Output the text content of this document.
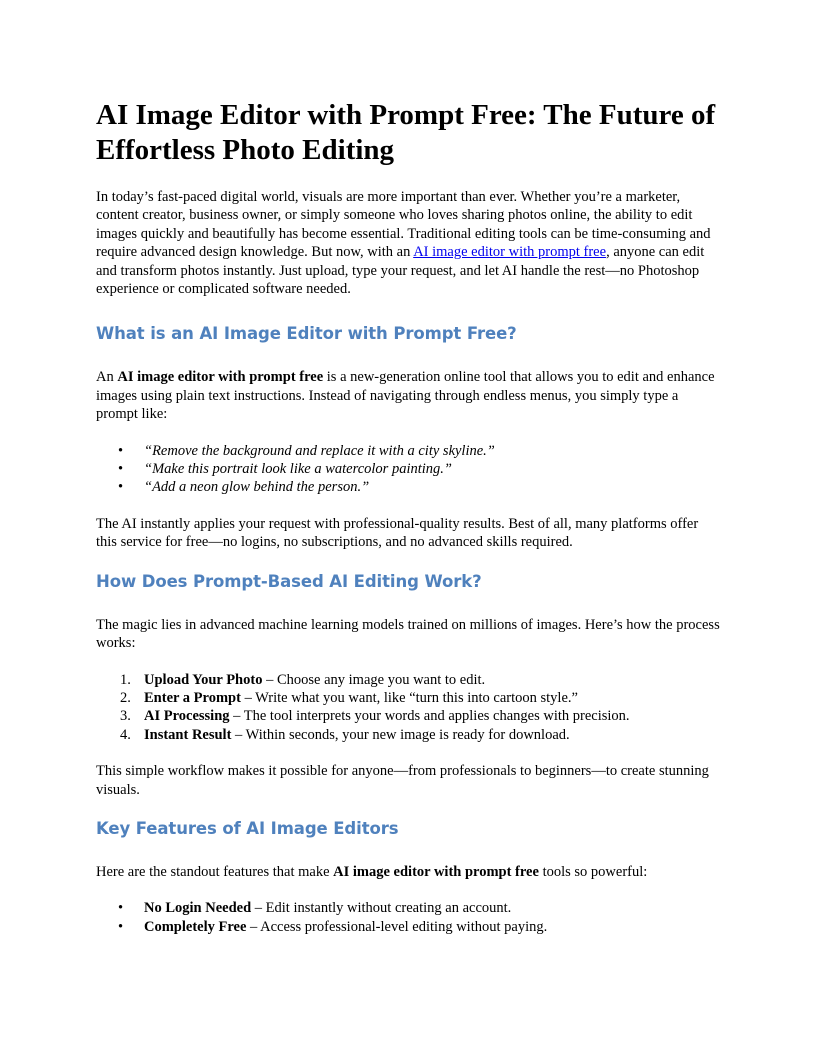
AI Image Editor with Prompt Free: The Future of Effortless Photo Editing

In today’s fast-paced digital world, visuals are more important than ever. Whether you’re a marketer, content creator, business owner, or simply someone who loves sharing photos online, the ability to edit images quickly and beautifully has become essential. Traditional editing tools can be time-consuming and require advanced design knowledge. But now, with an AI image editor with prompt free, anyone can edit and transform photos instantly. Just upload, type your request, and let AI handle the rest—no Photoshop experience or complicated software needed.

What is an AI Image Editor with Prompt Free?

An AI image editor with prompt free is a new-generation online tool that allows you to edit and enhance images using plain text instructions. Instead of navigating through endless menus, you simply type a prompt like:

•	“Remove the background and replace it with a city skyline.”
•	“Make this portrait look like a watercolor painting.”
•	“Add a neon glow behind the person.”

The AI instantly applies your request with professional-quality results. Best of all, many platforms offer this service for free—no logins, no subscriptions, and no advanced skills required.

How Does Prompt-Based AI Editing Work?

The magic lies in advanced machine learning models trained on millions of images. Here’s how the process works:

1. Upload Your Photo – Choose any image you want to edit.
2. Enter a Prompt – Write what you want, like “turn this into cartoon style.”
3. AI Processing – The tool interprets your words and applies changes with precision.
4. Instant Result – Within seconds, your new image is ready for download.

This simple workflow makes it possible for anyone—from professionals to beginners—to create stunning visuals.

Key Features of AI Image Editors

Here are the standout features that make AI image editor with prompt free tools so powerful:

•	No Login Needed – Edit instantly without creating an account.
•	Completely Free – Access professional-level editing without paying.
